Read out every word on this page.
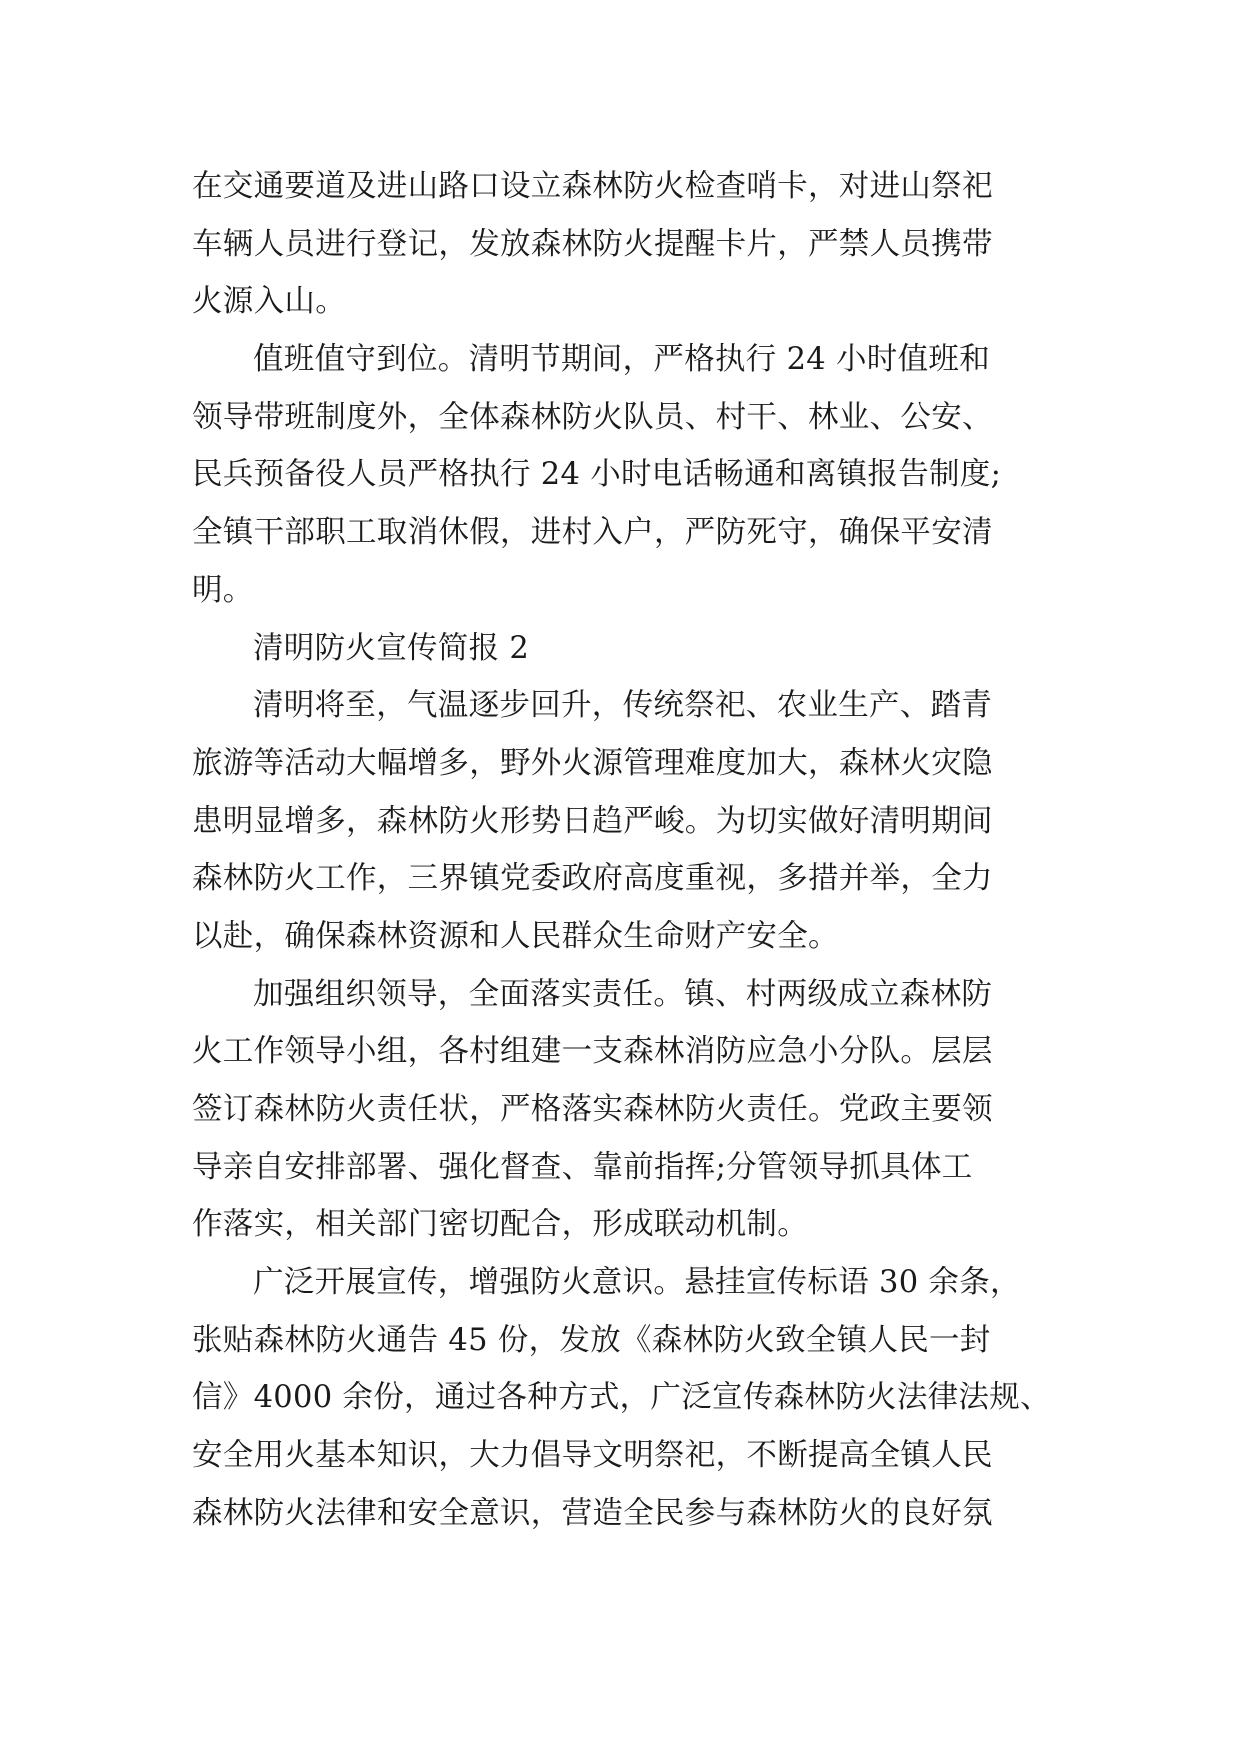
在交通要道及进山路口设立森林防火检查哨卡，对进山祭祀
车辆人员进行登记，发放森林防火提醒卡片，严禁人员携带
火源入山。
值班值守到位。清明节期间，严格执行 24 小时值班和
领导带班制度外，全体森林防火队员、村干、林业、公安、
民兵预备役人员严格执行 24 小时电话畅通和离镇报告制度;
全镇干部职工取消休假，进村入户，严防死守，确保平安清
明。
清明防火宣传简报 2
清明将至，气温逐步回升，传统祭祀、农业生产、踏青
旅游等活动大幅增多，野外火源管理难度加大，森林火灾隐
患明显增多，森林防火形势日趋严峻。为切实做好清明期间
森林防火工作，三界镇党委政府高度重视，多措并举，全力
以赴，确保森林资源和人民群众生命财产安全。
加强组织领导，全面落实责任。镇、村两级成立森林防
火工作领导小组，各村组建一支森林消防应急小分队。层层
签订森林防火责任状，严格落实森林防火责任。党政主要领
导亲自安排部署、强化督查、靠前指挥;分管领导抓具体工
作落实，相关部门密切配合，形成联动机制。
广泛开展宣传，增强防火意识。悬挂宣传标语 30 余条，
张贴森林防火通告 45 份，发放《森林防火致全镇人民一封
信》4000 余份，通过各种方式，广泛宣传森林防火法律法规、
安全用火基本知识，大力倡导文明祭祀，不断提高全镇人民
森林防火法律和安全意识，营造全民参与森林防火的良好氛
